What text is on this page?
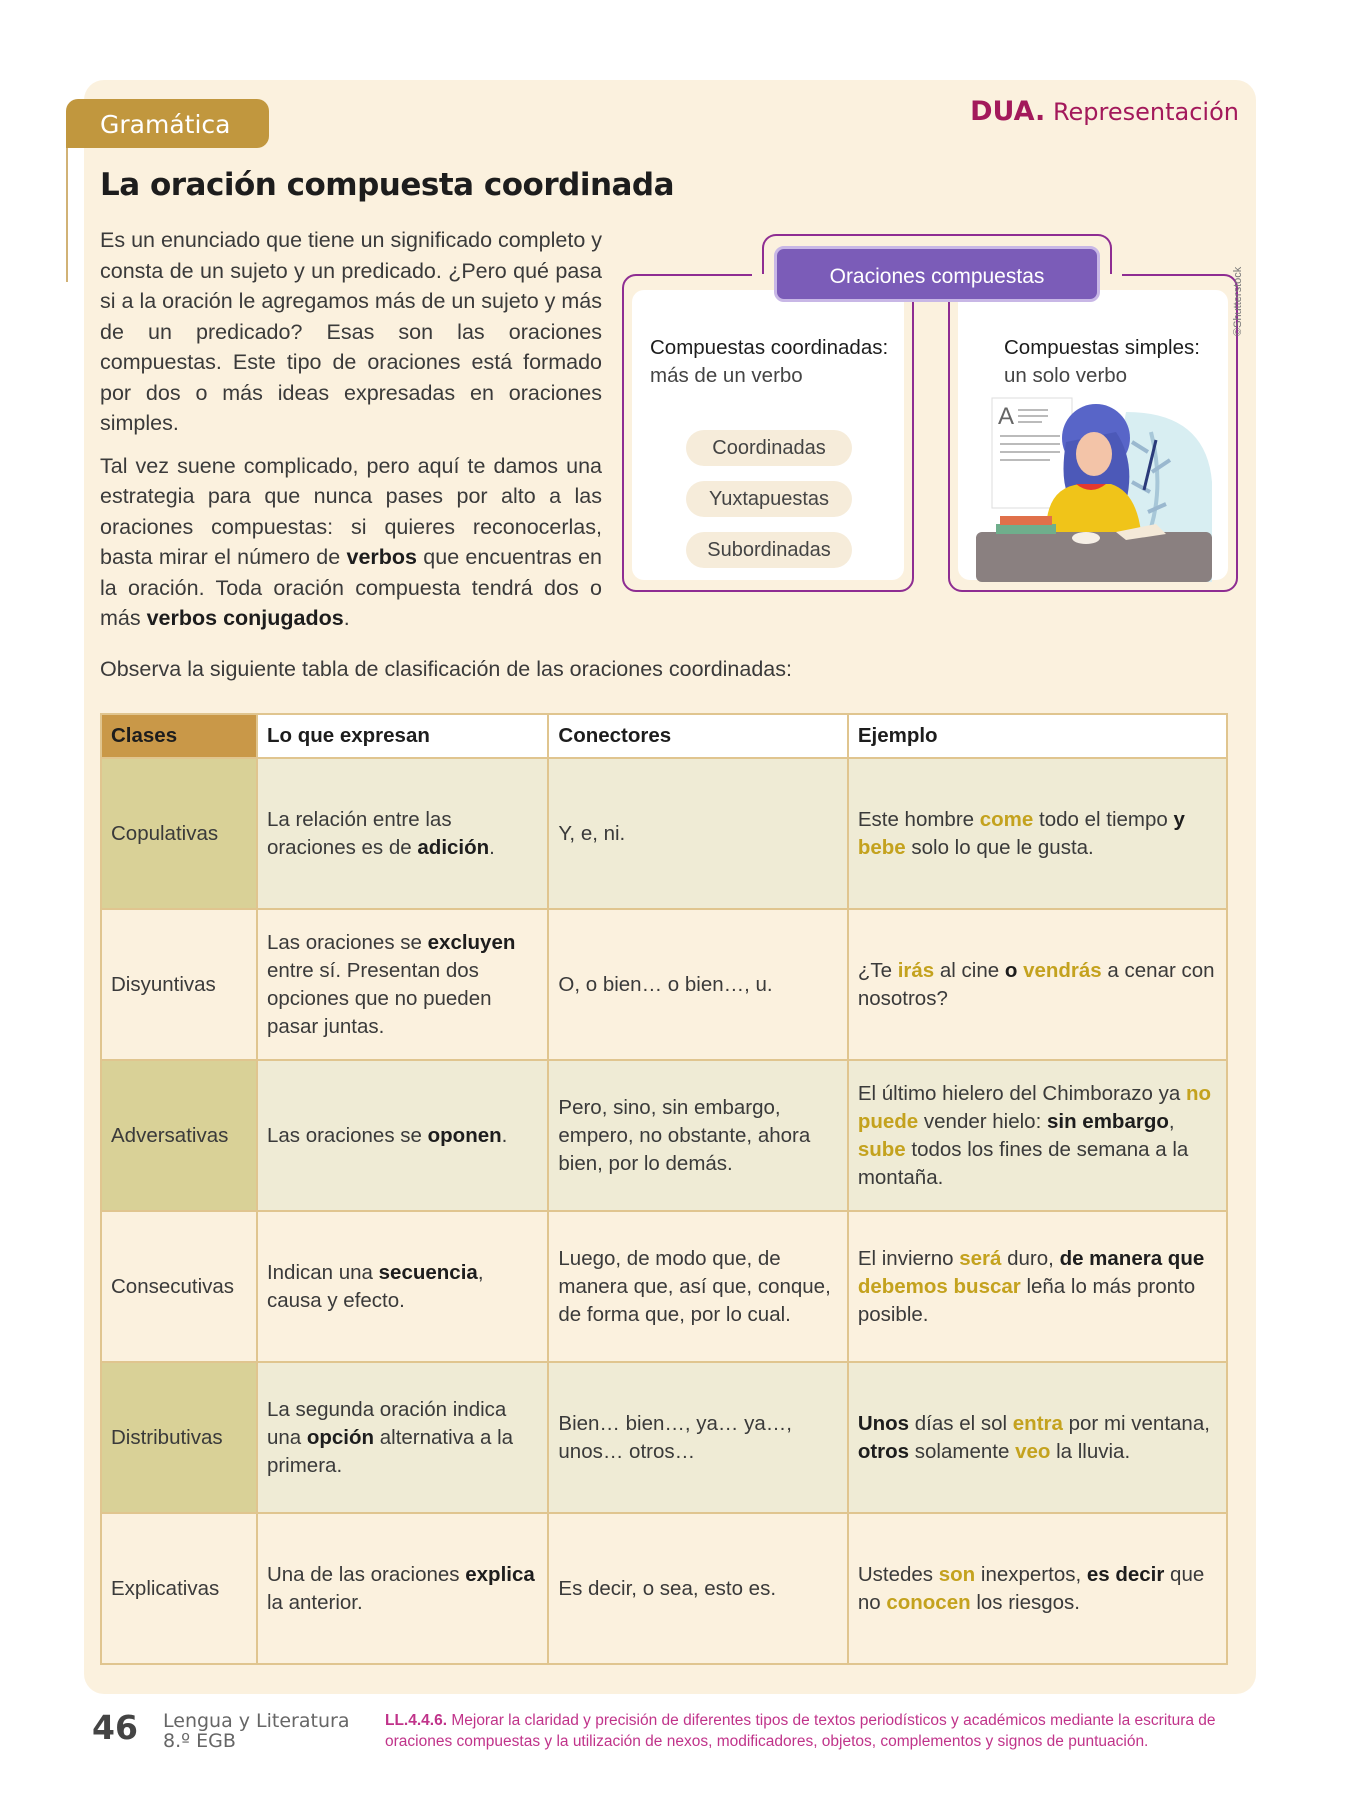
DUA. Representación
Gramática
La oración compuesta coordinada

Es un enunciado que tiene un significado completo y consta de un sujeto y un predicado. ¿Pero qué pasa si a la oración le agregamos más de un sujeto y más de un predicado? Esas son las oraciones compuestas. Este tipo de oraciones está formado por dos o más ideas expresadas en oraciones simples.

Tal vez suene complicado, pero aquí te damos una estrategia para que nunca pases por alto a las oraciones compuestas: si quieres reconocerlas, basta mirar el número de verbos que encuentras en la oración. Toda oración compuesta tendrá dos o más verbos conjugados.

Oraciones compuestas
Compuestas coordinadas:
más de un verbo
Coordinadas
Yuxtapuestas
Subordinadas
Compuestas simples:
un solo verbo
A
©Shutterstock
Observa la siguiente tabla de clasificación de las oraciones coordinadas:
Clases	Lo que expresan	Conectores	Ejemplo
Copulativas	La relación entre las oraciones es de adición.	Y, e, ni.	Este hombre come todo el tiempo y bebe solo lo que le gusta.
Disyuntivas	Las oraciones se excluyen entre sí. Presentan dos opciones que no pueden pasar juntas.	O, o bien… o bien…, u.	¿Te irás al cine o vendrás a cenar con nosotros?
Adversativas	Las oraciones se oponen.	Pero, sino, sin embargo, empero, no obstante, ahora bien, por lo demás.	El último hielero del Chimborazo ya no puede vender hielo: sin embargo, sube todos los fines de semana a la montaña.
Consecutivas	Indican una secuencia, causa y efecto.	Luego, de modo que, de manera que, así que, conque, de forma que, por lo cual.	El invierno será duro, de manera que debemos buscar leña lo más pronto posible.
Distributivas	La segunda oración indica una opción alternativa a la primera.	Bien… bien…, ya… ya…, unos… otros…	Unos días el sol entra por mi ventana, otros solamente veo la lluvia.
Explicativas	Una de las oraciones explica la anterior.	Es decir, o sea, esto es.	Ustedes son inexpertos, es decir que no conocen los riesgos.
46 Lengua y Literatura
8.º EGB
LL.4.4.6. Mejorar la claridad y precisión de diferentes tipos de textos periodísticos y académicos mediante la escritura de oraciones compuestas y la utilización de nexos, modificadores, objetos, complementos y signos de puntuación.
